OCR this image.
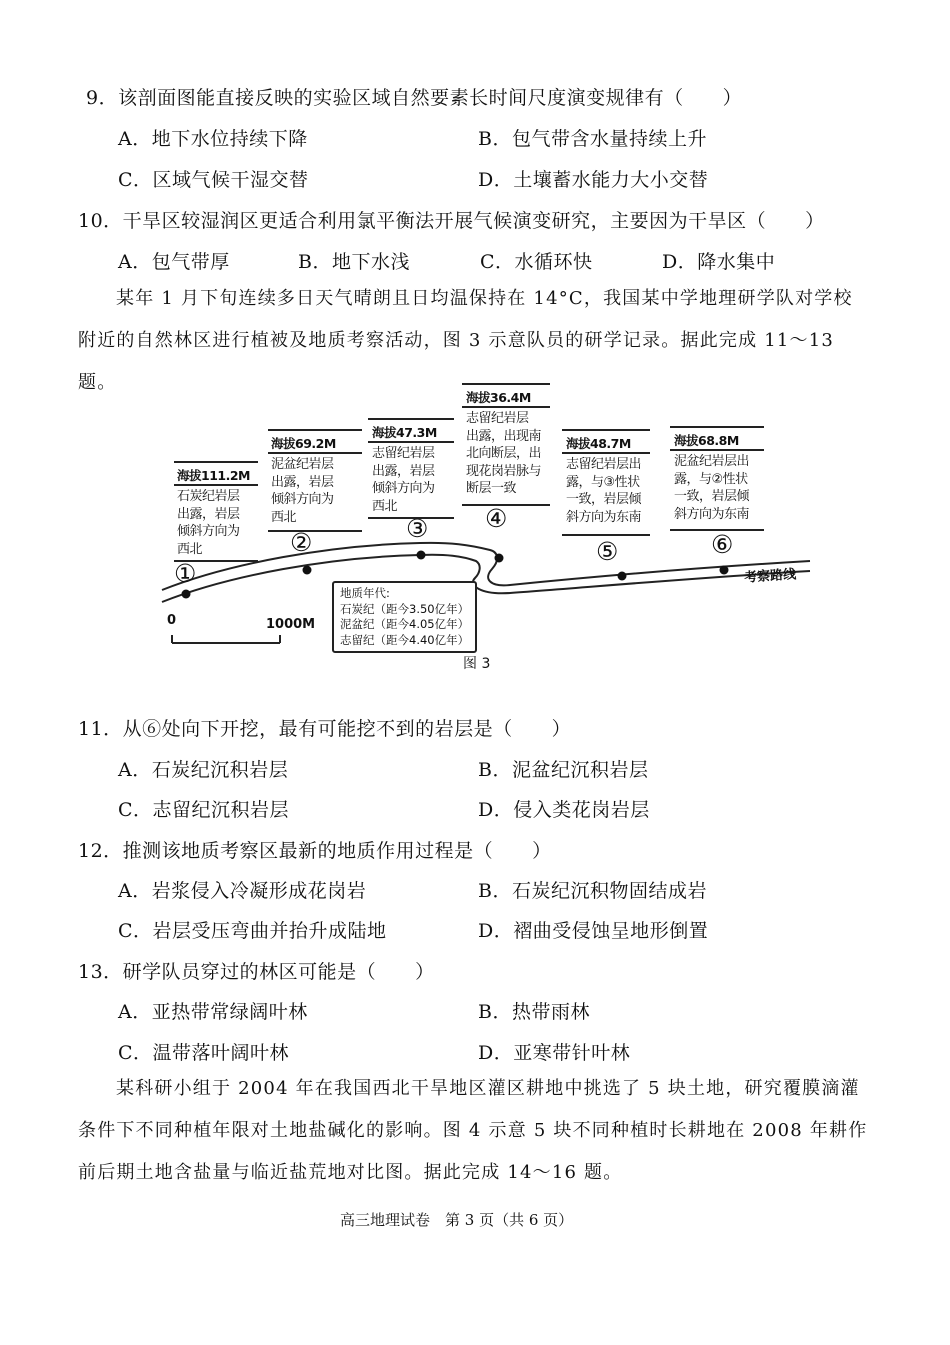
9．该剖面图能直接反映的实验区域自然要素长时间尺度演变规律有（　　）
A．地下水位持续下降	B．包气带含水量持续上升
C．区域气候干湿交替	D．土壤蓄水能力大小交替
10．干旱区较湿润区更适合利用氯平衡法开展气候演变研究，主要因为干旱区（　　）
A．包气带厚	B．地下水浅	C．水循环快	D．降水集中
某年 1 月下旬连续多日天气晴朗且日均温保持在 14°C，我国某中学地理研学队对学校附近的自然林区进行植被及地质考察活动，图 3 示意队员的研学记录。据此完成 11～13 题。
海拔111.2M
石炭纪岩层
出露，岩层
倾斜方向为
西北
①
海拔69.2M
泥盆纪岩层
出露，岩层
倾斜方向为
西北
②
海拔47.3M
志留纪岩层
出露，岩层
倾斜方向为
西北
③
海拔36.4M
志留纪岩层
出露，出现南
北向断层，出
现花岗岩脉与
断层一致
④
海拔48.7M
志留纪岩层出
露，与③性状
一致，岩层倾
斜方向为东南
⑤
海拔68.8M
泥盆纪岩层出
露，与②性状
一致，岩层倾
斜方向为东南
⑥
考察路线
0	1000M
地质年代:
石炭纪（距今3.50亿年）
泥盆纪（距今4.05亿年）
志留纪（距今4.40亿年）
图 3
11．从⑥处向下开挖，最有可能挖不到的岩层是（　　）
A．石炭纪沉积岩层	B．泥盆纪沉积岩层
C．志留纪沉积岩层	D．侵入类花岗岩层
12．推测该地质考察区最新的地质作用过程是（　　）
A．岩浆侵入冷凝形成花岗岩	B．石炭纪沉积物固结成岩
C．岩层受压弯曲并抬升成陆地	D．褶曲受侵蚀呈地形倒置
13．研学队员穿过的林区可能是（　　）
A．亚热带常绿阔叶林	B．热带雨林
C．温带落叶阔叶林	D．亚寒带针叶林
某科研小组于 2004 年在我国西北干旱地区灌区耕地中挑选了 5 块土地，研究覆膜滴灌条件下不同种植年限对土地盐碱化的影响。图 4 示意 5 块不同种植时长耕地在 2008 年耕作前后期土地含盐量与临近盐荒地对比图。据此完成 14～16 题。
高三地理试卷　第 3 页（共 6 页）
